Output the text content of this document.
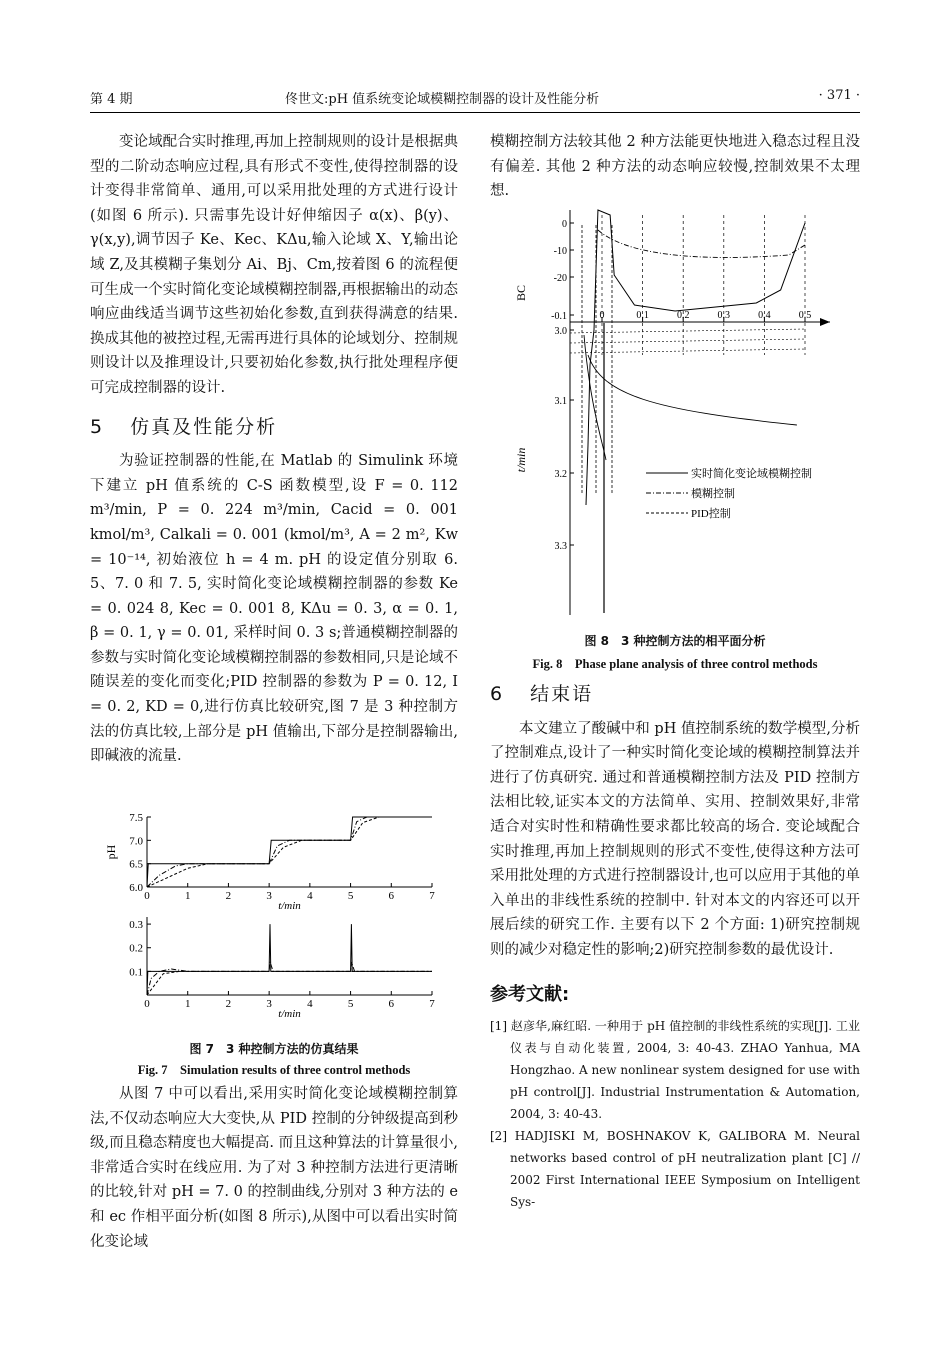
第 4 期	佟世文:pH 值系统变论域模糊控制器的设计及性能分析	· 371 ·

变论域配合实时推理,再加上控制规则的设计是根据典型的二阶动态响应过程,具有形式不变性,使得控制器的设计变得非常简单、通用,可以采用批处理的方式进行设计(如图 6 所示). 只需事先设计好伸缩因子 α(x)、β(y)、γ(x,y),调节因子 Ke、Kec、KΔu,输入论域 X、Y,输出论域 Z,及其模糊子集划分 Ai、Bj、Cm,按着图 6 的流程便可生成一个实时简化变论域模糊控制器,再根据输出的动态响应曲线适当调节这些初始化参数,直到获得满意的结果. 换成其他的被控过程,无需再进行具体的论域划分、控制规则设计以及推理设计,只要初始化参数,执行批处理程序便可完成控制器的设计.

5 仿真及性能分析

为验证控制器的性能,在 Matlab 的 Simulink 环境下建立 pH 值系统的 C-S 函数模型,设 F = 0. 112 m³/min, P = 0. 224 m³/min, Cacid = 0. 001 kmol/m³, Calkali = 0. 001 (kmol/m³, A = 2 m², Kw = 10⁻¹⁴, 初始液位 h = 4 m. pH 的设定值分别取 6. 5、7. 0 和 7. 5, 实时简化变论域模糊控制器的参数 Ke = 0. 024 8, Kec = 0. 001 8, KΔu = 0. 3, α = 0. 1, β = 0. 1, γ = 0. 01, 采样时间 0. 3 s;普通模糊控制器的参数与实时简化变论域模糊控制器的参数相同,只是论域不随误差的变化而变化;PID 控制器的参数为 P = 0. 12, I = 0. 2, KD = 0,进行仿真比较研究,图 7 是 3 种控制方法的仿真比较,上部分是 pH 值输出,下部分是控制器输出,即碱液的流量.

0	1	2	3	4	5	6	7
6.0
6.5
7.0
7.5
t/min
pH
0	1	2	3	4	5	6	7
0.1
0.2
0.3
t/min
图 7　3 种控制方法的仿真结果
Fig. 7　Simulation results of three control methods

从图 7 中可以看出,采用实时简化变论域模糊控制算法,不仅动态响应大大变快,从 PID 控制的分钟级提高到秒级,而且稳态精度也大幅提高. 而且这种算法的计算量很小,非常适合实时在线应用. 为了对 3 种控制方法进行更清晰的比较,针对 pH = 7. 0 的控制曲线,分别对 3 种方法的 e 和 ec 作相平面分析(如图 8 所示),从图中可以看出实时简化变论域

模糊控制方法较其他 2 种方法能更快地进入稳态过程且没有偏差. 其他 2 种方法的动态响应较慢,控制效果不太理想.

0	0.1	0.2	0.3	0.4	0.5
0
-10
-20
-0.1
3.0
3.1
3.2
3.3
BC
t/min
实时简化变论域模糊控制
模糊控制
PID控制
图 8　3 种控制方法的相平面分析
Fig. 8　Phase plane analysis of three control methods
6 结束语

本文建立了酸碱中和 pH 值控制系统的数学模型,分析了控制难点,设计了一种实时简化变论域的模糊控制算法并进行了仿真研究. 通过和普通模糊控制方法及 PID 控制方法相比较,证实本文的方法简单、实用、控制效果好,非常适合对实时性和精确性要求都比较高的场合. 变论域配合实时推理,再加上控制规则的形式不变性,使得这种方法可采用批处理的方式进行控制器设计,也可以应用于其他的单入单出的非线性系统的控制中. 针对本文的内容还可以开展后续的研究工作. 主要有以下 2 个方面: 1)研究控制规则的减少对稳定性的影响;2)研究控制参数的最优设计.

参考文献:
[1] 赵彦华,麻红昭. 一种用于 pH 值控制的非线性系统的实现[J]. 工业仪表与自动化装置, 2004, 3: 40-43. ZHAO Yanhua, MA Hongzhao. A new nonlinear system designed for use with pH control[J]. Industrial Instrumentation & Automation, 2004, 3: 40-43.
[2] HADJISKI M, BOSHNAKOV K, GALIBORA M. Neural networks based control of pH neutralization plant [C] // 2002 First International IEEE Symposium on Intelligent Sys-
